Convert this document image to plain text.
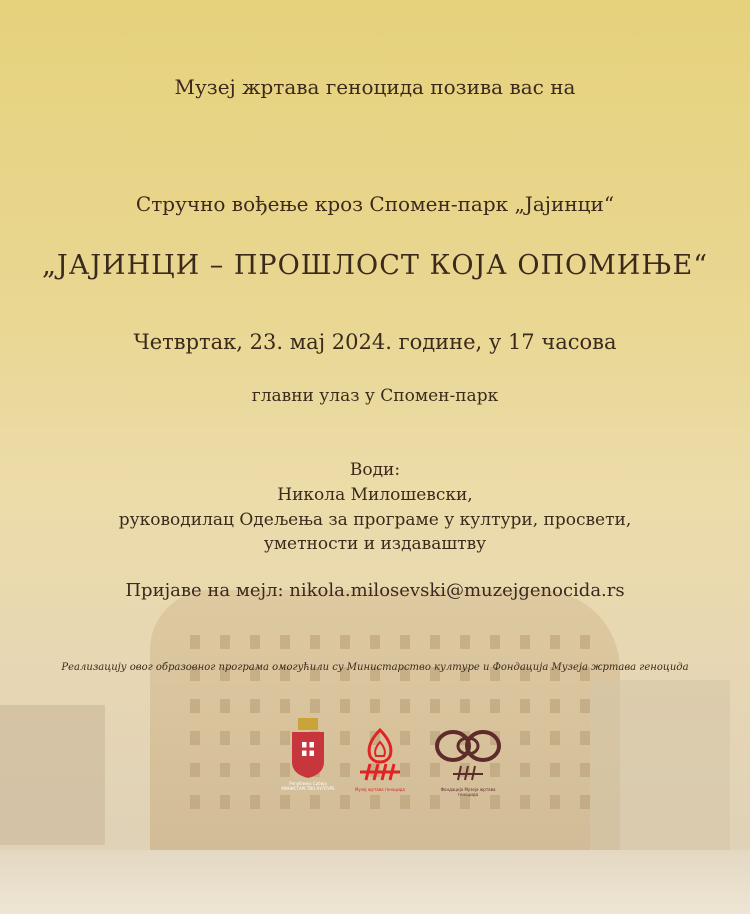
Музеј жртава геноцида позива вас на
Стручно вођење кроз Спомен-парк „Јајинци“
„ЈАЈИНЦИ – ПРОШЛОСТ КОЈА ОПОМИЊЕ“
Четвртак, 23. мај 2024. године, у 17 часова
главни улаз у Спомен-парк
Води:
Никола Милошевски,
руководилац Одељења за програме у култури, просвети,
уметности и издаваштву
Пријаве на мејл: nikola.milosevski@muzejgenocida.rs
Реализацију овог образовног програма омогућили су Министарство културе и Фондација Музеја жртава геноцида
Република Србија
МИНИСТАРСТВО КУЛТУРЕ	Музеј жртава геноцида	Фондација Музеја жртава геноцида
